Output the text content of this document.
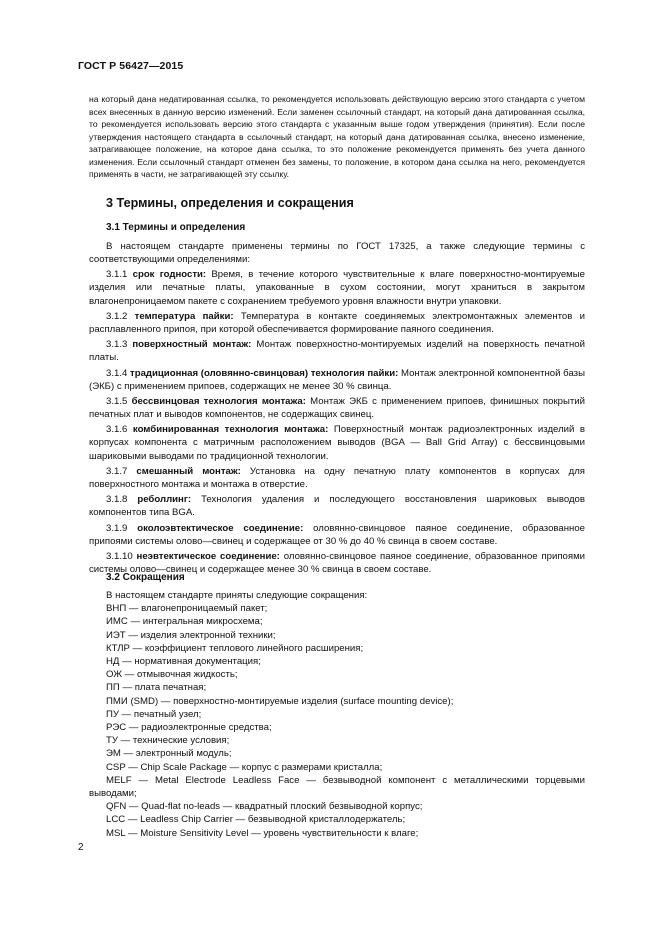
ГОСТ Р 56427—2015

на который дана недатированная ссылка, то рекомендуется использовать действующую версию этого стандарта с учетом всех внесенных в данную версию изменений. Если заменен ссылочный стандарт, на который дана датированная ссылка, то рекомендуется использовать версию этого стандарта с указанным выше годом утверждения (принятия). Если после утверждения настоящего стандарта в ссылочный стандарт, на который дана датированная ссылка, внесено изменение, затрагивающее положение, на которое дана ссылка, то это положение рекомендуется применять без учета данного изменения. Если ссылочный стандарт отменен без замены, то положение, в котором дана ссылка на него, рекомендуется применять в части, не затрагивающей эту ссылку.

3 Термины, определения и сокращения
3.1 Термины и определения

В настоящем стандарте применены термины по ГОСТ 17325, а также следующие термины с соответствующими определениями:

3.1.1 срок годности: Время, в течение которого чувствительные к влаге поверхностно-монтируемые изделия или печатные платы, упакованные в сухом состоянии, могут храниться в закрытом влагонепроницаемом пакете с сохранением требуемого уровня влажности внутри упаковки.

3.1.2 температура пайки: Температура в контакте соединяемых электромонтажных элементов и расплавленного припоя, при которой обеспечивается формирование паяного соединения.

3.1.3 поверхностный монтаж: Монтаж поверхностно-монтируемых изделий на поверхность печатной платы.

3.1.4 традиционная (оловянно-свинцовая) технология пайки: Монтаж электронной компонентной базы (ЭКБ) с применением припоев, содержащих не менее 30 % свинца.

3.1.5 бессвинцовая технология монтажа: Монтаж ЭКБ с применением припоев, финишных покрытий печатных плат и выводов компонентов, не содержащих свинец.

3.1.6 комбинированная технология монтажа: Поверхностный монтаж радиоэлектронных изделий в корпусах компонента с матричным расположением выводов (BGA — Ball Grid Array) с бессвинцовыми шариковыми выводами по традиционной технологии.

3.1.7 смешанный монтаж: Установка на одну печатную плату компонентов в корпусах для поверхностного монтажа и монтажа в отверстие.

3.1.8 реболлинг: Технология удаления и последующего восстановления шариковых выводов компонентов типа BGA.

3.1.9 околоэвтектическое соединение: оловянно-свинцовое паяное соединение, образованное припоями системы олово—свинец и содержащее от 30 % до 40 % свинца в своем составе.

3.1.10 неэвтектическое соединение: оловянно-свинцовое паяное соединение, образованное припоями системы олово—свинец и содержащее менее 30 % свинца в своем составе.

3.2 Сокращения
В настоящем стандарте приняты следующие сокращения:
ВНП — влагонепроницаемый пакет;
ИМС — интегральная микросхема;
ИЭТ — изделия электронной техники;
КТЛР — коэффициент теплового линейного расширения;
НД — нормативная документация;
ОЖ — отмывочная жидкость;
ПП — плата печатная;
ПМИ (SMD) — поверхностно-монтируемые изделия (surface mounting device);
ПУ — печатный узел;
РЭС — радиоэлектронные средства;
ТУ — технические условия;
ЭМ — электронный модуль;
CSP — Chip Scale Package — корпус с размерами кристалла;
MELF — Metal Electrode Leadless Face — безвыводной компонент с металлическими торцевыми выводами;
QFN — Quad-flat no-leads — квадратный плоский безвыводной корпус;
LCC — Leadless Chip Carrier — безвыводной кристаллодержатель;
MSL — Moisture Sensitivity Level — уровень чувствительности к влаге;
2
